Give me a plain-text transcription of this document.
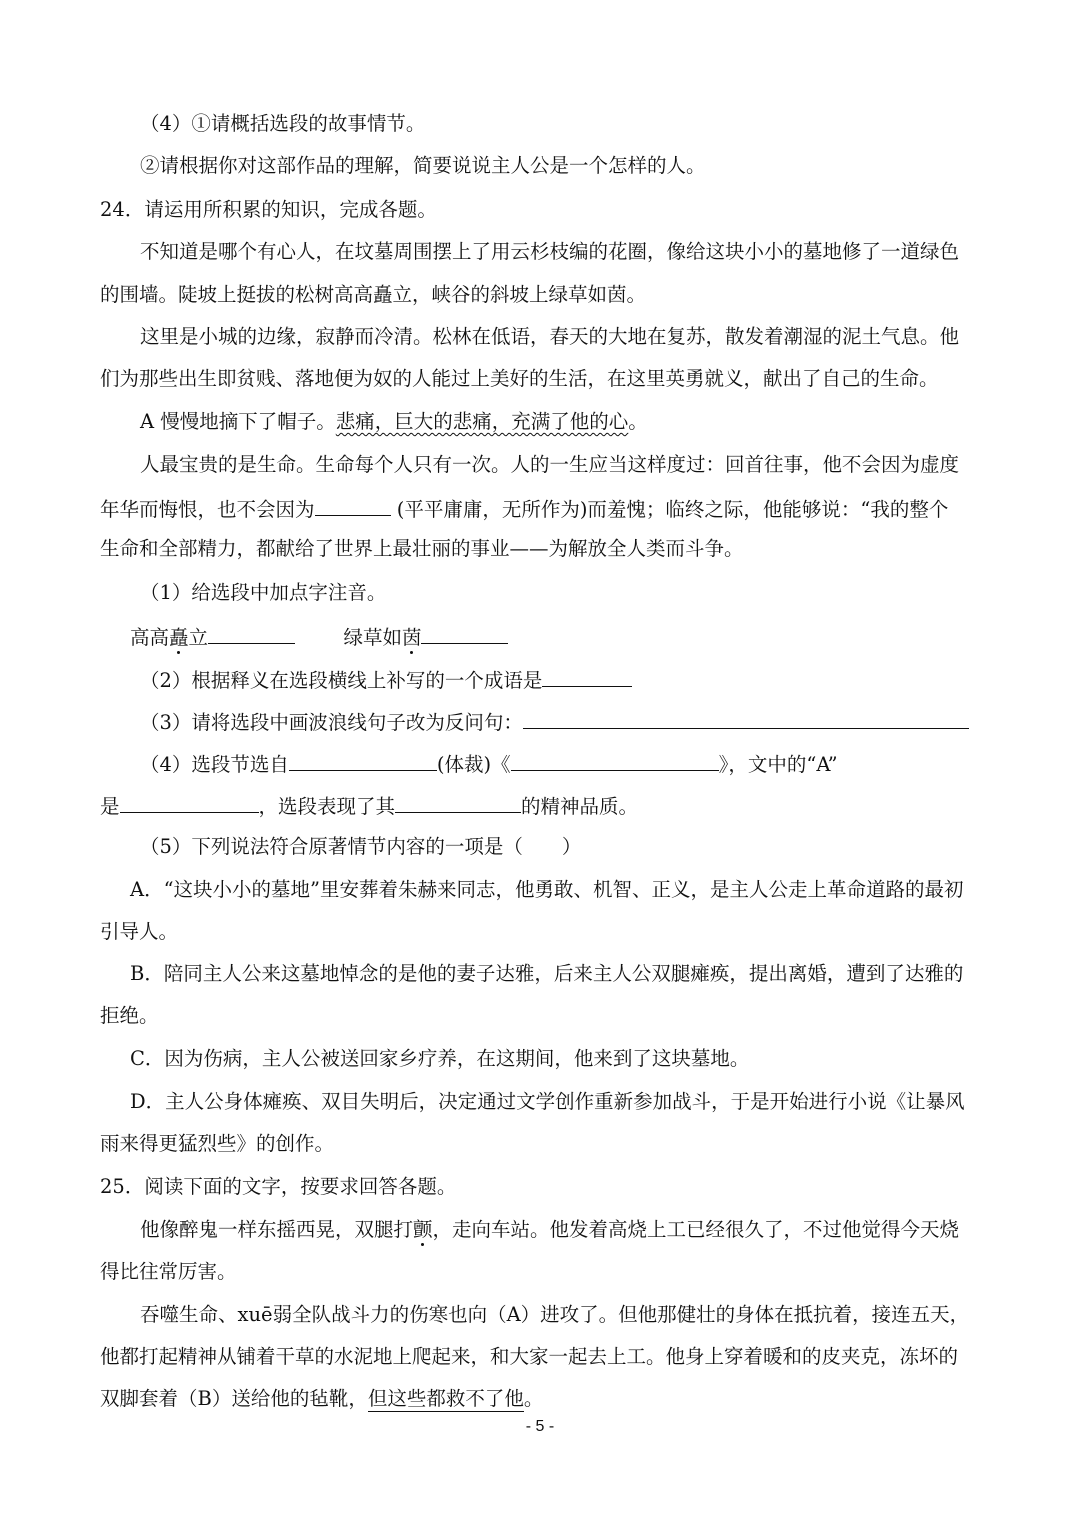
（4）①请概括选段的故事情节。
②请根据你对这部作品的理解，简要说说主人公是一个怎样的人。
24．请运用所积累的知识，完成各题。
不知道是哪个有心人，在坟墓周围摆上了用云杉枝编的花圈，像给这块小小的墓地修了一道绿色
的围墙。陡坡上挺拔的松树高高矗立，峡谷的斜坡上绿草如茵。
这里是小城的边缘，寂静而冷清。松林在低语，春天的大地在复苏，散发着潮湿的泥土气息。他
们为那些出生即贫贱、落地便为奴的人能过上美好的生活，在这里英勇就义，献出了自己的生命。
A 慢慢地摘下了帽子。悲痛，巨大的悲痛，充满了他的心。
人最宝贵的是生命。生命每个人只有一次。人的一生应当这样度过：回首往事，他不会因为虚度
年华而悔恨，也不会因为	(平平庸庸，无所作为)而羞愧；临终之际，他能够说：“我的整个
生命和全部精力，都献给了世界上最壮丽的事业——为解放全人类而斗争。
（1）给选段中加点字注音。
高高矗立	绿草如茵
（2）根据释义在选段横线上补写的一个成语是
（3）请将选段中画波浪线句子改为反问句：
（4）选段节选自	(体裁)《	》，文中的“A”
是	，选段表现了其	的精神品质。
（5）下列说法符合原著情节内容的一项是（　　）
A．“这块小小的墓地”里安葬着朱赫来同志，他勇敢、机智、正义，是主人公走上革命道路的最初
引导人。
B．陪同主人公来这墓地悼念的是他的妻子达雅，后来主人公双腿瘫痪，提出离婚，遭到了达雅的
拒绝。
C．因为伤病，主人公被送回家乡疗养，在这期间，他来到了这块墓地。
D．主人公身体瘫痪、双目失明后，决定通过文学创作重新参加战斗，于是开始进行小说《让暴风
雨来得更猛烈些》的创作。
25．阅读下面的文字，按要求回答各题。
他像醉鬼一样东摇西晃，双腿打颤，走向车站。他发着高烧上工已经很久了，不过他觉得今天烧
得比往常厉害。
吞噬生命、xuē弱全队战斗力的伤寒也向（A）进攻了。但他那健壮的身体在抵抗着，接连五天，
他都打起精神从铺着干草的水泥地上爬起来，和大家一起去上工。他身上穿着暖和的皮夹克，冻坏的
双脚套着（B）送给他的毡靴，但这些都救不了他。
- 5 -
